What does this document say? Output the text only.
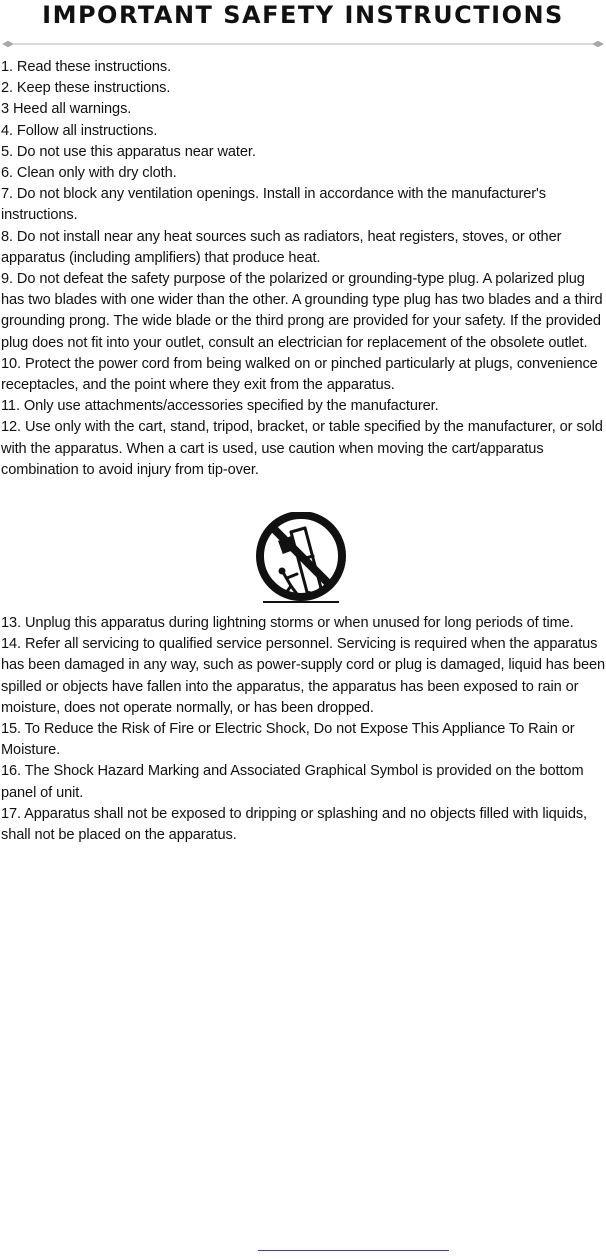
IMPORTANT SAFETY INSTRUCTIONS

1. Read these instructions.

2. Keep these instructions.

3 Heed all warnings.

4. Follow all instructions.

5. Do not use this apparatus near water.

6. Clean only with dry cloth.

7. Do not block any ventilation openings. Install in accordance with the manufacturer's instructions.

8. Do not install near any heat sources such as radiators, heat registers, stoves, or other apparatus (including amplifiers) that produce heat.

9. Do not defeat the safety purpose of the polarized or grounding-type plug. A polarized plug has two blades with one wider than the other. A grounding type plug has two blades and a third grounding prong. The wide blade or the third prong are provided for your safety. If the provided plug does not fit into your outlet, consult an electrician for replacement of the obsolete outlet.

10. Protect the power cord from being walked on or pinched particularly at plugs, convenience receptacles, and the point where they exit from the apparatus.

11. Only use attachments/accessories specified by the manufacturer.

12. Use only with the cart, stand, tripod, bracket, or table specified by the manufacturer, or sold with the apparatus. When a cart is used, use caution when moving the cart/apparatus combination to avoid injury from tip-over.

13. Unplug this apparatus during lightning storms or when unused for long periods of time.

14. Refer all servicing to qualified service personnel. Servicing is required when the apparatus has been damaged in any way, such as power-supply cord or plug is damaged, liquid has been spilled or objects have fallen into the apparatus, the apparatus has been exposed to rain or moisture, does not operate normally, or has been dropped.

15. To Reduce the Risk of Fire or Electric Shock, Do not Expose This Appliance To Rain or Moisture.

16. The Shock Hazard Marking and Associated Graphical Symbol is provided on the bottom panel of unit.

17. Apparatus shall not be exposed to dripping or splashing and no objects filled with liquids, shall not be placed on the apparatus.
